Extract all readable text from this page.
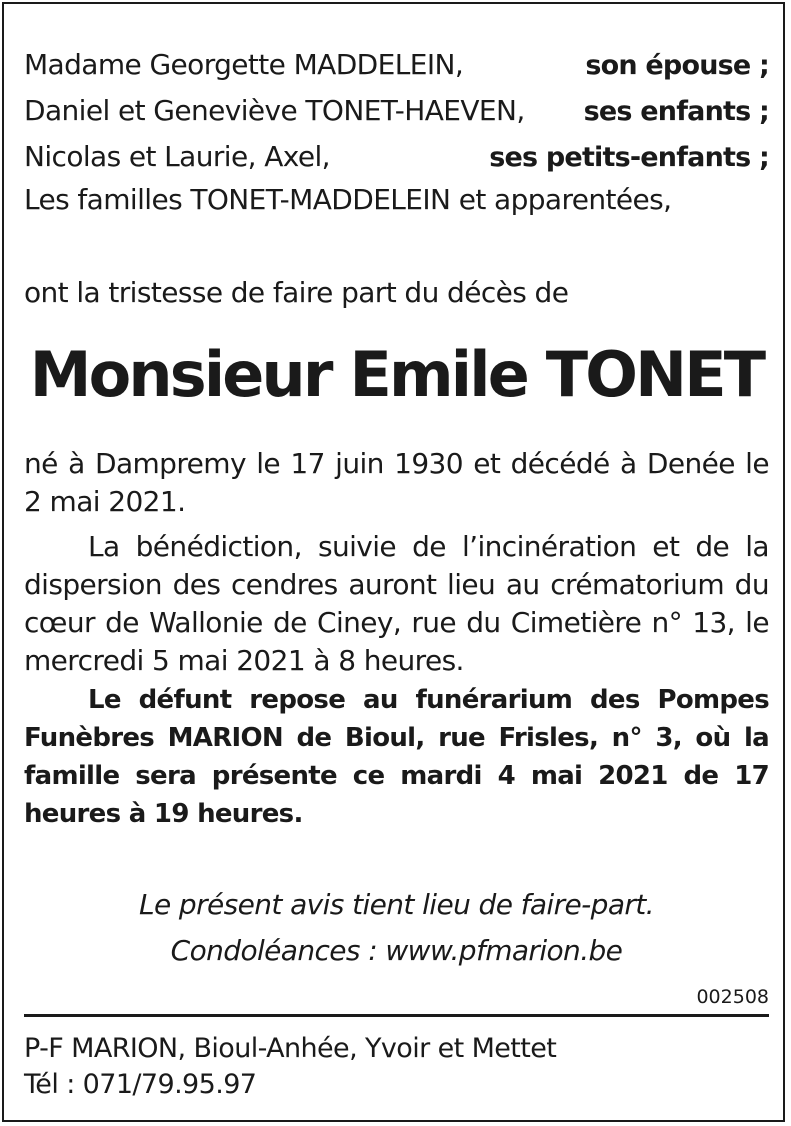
Madame Georgette MADDELEIN,	son épouse ;
Daniel et Geneviève TONET-HAEVEN, ses enfants ;
Nicolas et Laurie, Axel,	ses petits-enfants ;
Les familles TONET-MADDELEIN et apparentées,
ont la tristesse de faire part du décès de
Monsieur Emile TONET
né à Dampremy le 17 juin 1930 et décédé à Denée le 2 mai 2021.
La bénédiction, suivie de l’incinération et de la dispersion des cendres auront lieu au crématorium du cœur de Wallonie de Ciney, rue du Cimetière n° 13, le mercredi 5 mai 2021 à 8 heures.
Le défunt repose au funérarium des Pompes Funèbres MARION de Bioul, rue Frisles, n° 3, où la famille sera présente ce mardi 4 mai 2021 de 17 heures à 19 heures.
Le présent avis tient lieu de faire-part.
Condoléances : www.pfmarion.be
002508
P-F MARION, Bioul-Anhée, Yvoir et Mettet
Tél : 071/79.95.97
